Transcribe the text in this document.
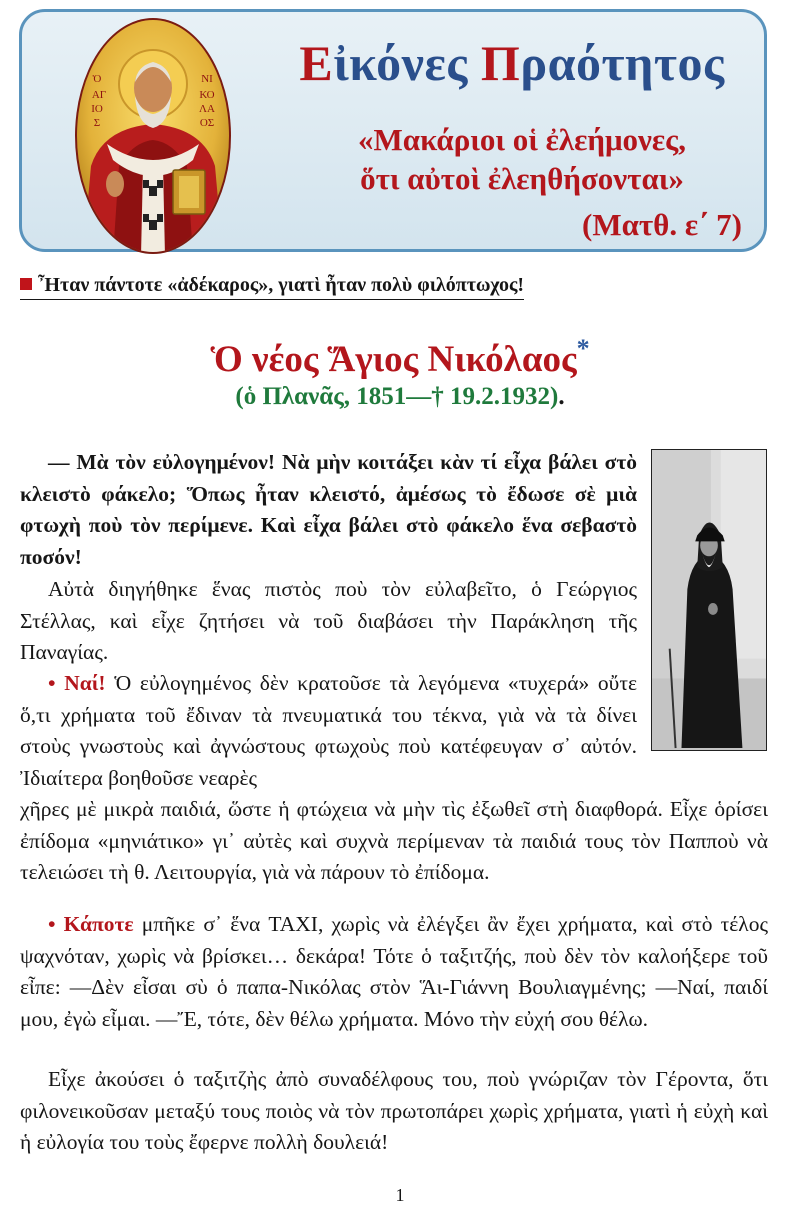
Ὁ
ΑΓ
ΙΟ
Σ
ΝΙ
ΚΟ
ΛΑ
ΟΣ
Εἰκόνες Πραότητος
«Μακάριοι οἱ ἐλεήμονες,
ὅτι αὐτοὶ ἐλεηθήσονται»
(Ματθ. ε΄ 7)
Ἦταν πάντοτε «ἀδέκαρος», γιατὶ ἦταν πολὺ φιλόπτωχος!
Ὁ νέος Ἅγιος Νικόλαος*
(ὁ Πλανᾶς, 1851—† 19.2.1932).

— Μὰ τὸν εὐλογημένον! Νὰ μὴν κοιτάξει κὰν τί εἶχα βάλει στὸ κλειστὸ φάκελο; Ὅπως ἦταν κλειστό, ἀμέσως τὸ ἔδωσε σὲ μιὰ φτωχὴ ποὺ τὸν περίμενε. Καὶ εἶχα βάλει στὸ φάκελο ἕνα σεβαστὸ ποσόν!

Αὐτὰ διηγήθηκε ἕνας πιστὸς ποὺ τὸν εὐλαβεῖτο, ὁ Γεώργιος Στέλλας, καὶ εἶχε ζητήσει νὰ τοῦ διαβάσει τὴν Παράκληση τῆς Παναγίας.

• Ναί! Ὁ εὐλογημένος δὲν κρατοῦσε τὰ λεγόμενα «τυχερά» οὔτε ὅ,τι χρήματα τοῦ ἔδιναν τὰ πνευματικά του τέκνα, γιὰ νὰ τὰ δίνει στοὺς γνωστοὺς καὶ ἀγνώστους φτωχοὺς ποὺ κατέφευγαν σ᾿ αὐτόν. Ἰδιαίτερα βοηθοῦσε νεαρὲς

χῆρες μὲ μικρὰ παιδιά, ὥστε ἡ φτώχεια νὰ μὴν τὶς ἐξωθεῖ στὴ διαφθορά. Εἶχε ὁρίσει ἐπίδομα «μηνιάτικο» γι᾿ αὐτὲς καὶ συχνὰ περίμεναν τὰ παιδιά τους τὸν Παπποὺ νὰ τελειώσει τὴ θ. Λειτουργία, γιὰ νὰ πάρουν τὸ ἐπίδομα.

• Κάποτε μπῆκε σ᾿ ἕνα TAXI, χωρὶς νὰ ἐλέγξει ἂν ἔχει χρήματα, καὶ στὸ τέλος ψαχνόταν, χωρὶς νὰ βρίσκει… δεκάρα! Τότε ὁ ταξιτζής, ποὺ δὲν τὸν καλοήξερε τοῦ εἶπε: —Δὲν εἶσαι σὺ ὁ παπα-Νικόλας στὸν Ἅι-Γιάννη Βουλιαγμένης; —Ναί, παιδί μου, ἐγὼ εἶμαι. —Ἔ, τότε, δὲν θέλω χρήματα. Μόνο τὴν εὐχή σου θέλω.

Εἶχε ἀκούσει ὁ ταξιτζὴς ἀπὸ συναδέλφους του, ποὺ γνώριζαν τὸν Γέροντα, ὅτι φιλονεικοῦσαν μεταξύ τους ποιὸς νὰ τὸν πρωτοπάρει χωρὶς χρήματα, γιατὶ ἡ εὐχὴ καὶ ἡ εὐλογία του τοὺς ἔφερνε πολλὴ δουλειά!

1
